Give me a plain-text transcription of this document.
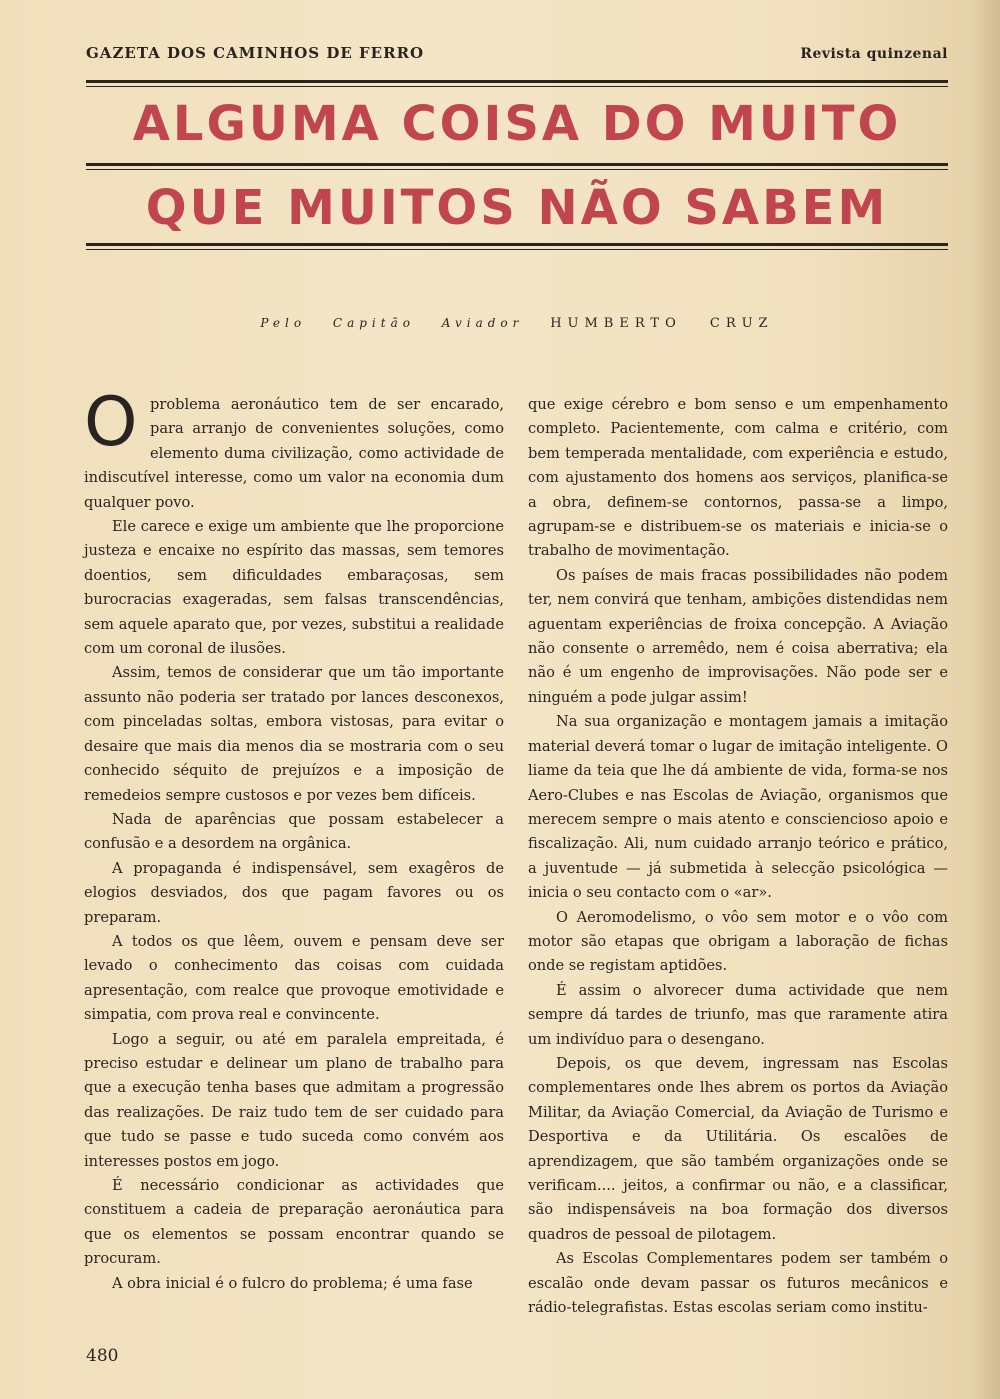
GAZETA DOS CAMINHOS DE FERRO	Revista quinzenal
ALGUMA COISA DO MUITO
QUE MUITOS NÃO SABEM
Pelo Capitão Aviador HUMBERTO CRUZ

O problema aeronáutico tem de ser encarado, para arranjo de convenientes soluções, como elemento duma civilização, como actividade de indiscutível interesse, como um valor na economia dum qualquer povo.

Ele carece e exige um ambiente que lhe proporcione justeza e encaixe no espírito das massas, sem temores doentios, sem dificuldades embaraçosas, sem burocracias exageradas, sem falsas transcendências, sem aquele aparato que, por vezes, substitui a realidade com um coronal de ilusões.

Assim, temos de considerar que um tão importante assunto não poderia ser tratado por lances desconexos, com pinceladas soltas, embora vistosas, para evitar o desaire que mais dia menos dia se mostraria com o seu conhecido séquito de prejuízos e a imposição de remedeios sempre custosos e por vezes bem difíceis.

Nada de aparências que possam estabelecer a confusão e a desordem na orgânica.

A propaganda é indispensável, sem exagêros de elogios desviados, dos que pagam favores ou os preparam.

A todos os que lêem, ouvem e pensam deve ser levado o conhecimento das coisas com cuidada apresentação, com realce que provoque emotividade e simpatia, com prova real e convincente.

Logo a seguir, ou até em paralela empreitada, é preciso estudar e delinear um plano de trabalho para que a execução tenha bases que admitam a progressão das realizações. De raiz tudo tem de ser cuidado para que tudo se passe e tudo suceda como convém aos interesses postos em jogo.

É necessário condicionar as actividades que constituem a cadeia de preparação aeronáutica para que os elementos se possam encontrar quando se procuram.

A obra inicial é o fulcro do problema; é uma fase

que exige cérebro e bom senso e um empenhamento completo. Pacientemente, com calma e critério, com bem temperada mentalidade, com experiência e estudo, com ajustamento dos homens aos serviços, planifica-se a obra, definem-se contornos, passa-se a limpo, agrupam-se e distribuem-se os materiais e inicia-se o trabalho de movimentação.

Os países de mais fracas possibilidades não podem ter, nem convirá que tenham, ambições distendidas nem aguentam experiências de froixa concepção. A Aviação não consente o arremêdo, nem é coisa aberrativa; ela não é um engenho de improvisações. Não pode ser e ninguém a pode julgar assim!

Na sua organização e montagem jamais a imitação material deverá tomar o lugar de imitação inteligente. O liame da teia que lhe dá ambiente de vida, forma-se nos Aero-Clubes e nas Escolas de Aviação, organismos que merecem sempre o mais atento e consciencioso apoio e fiscalização. Ali, num cuidado arranjo teórico e prático, a juventude — já submetida à selecção psicológica — inicia o seu contacto com o «ar».

O Aeromodelismo, o vôo sem motor e o vôo com motor são etapas que obrigam a laboração de fichas onde se registam aptidões.

É assim o alvorecer duma actividade que nem sempre dá tardes de triunfo, mas que raramente atira um indivíduo para o desengano.

Depois, os que devem, ingressam nas Escolas complementares onde lhes abrem os portos da Aviação Militar, da Aviação Comercial, da Aviação de Turismo e Desportiva e da Utilitária. Os escalões de aprendizagem, que são também organizações onde se verificam.... jeitos, a confirmar ou não, e a classificar, são indispensáveis na boa formação dos diversos quadros de pessoal de pilotagem.

As Escolas Complementares podem ser também o escalão onde devam passar os futuros mecânicos e rádio-telegrafistas. Estas escolas seriam como institu-

480
